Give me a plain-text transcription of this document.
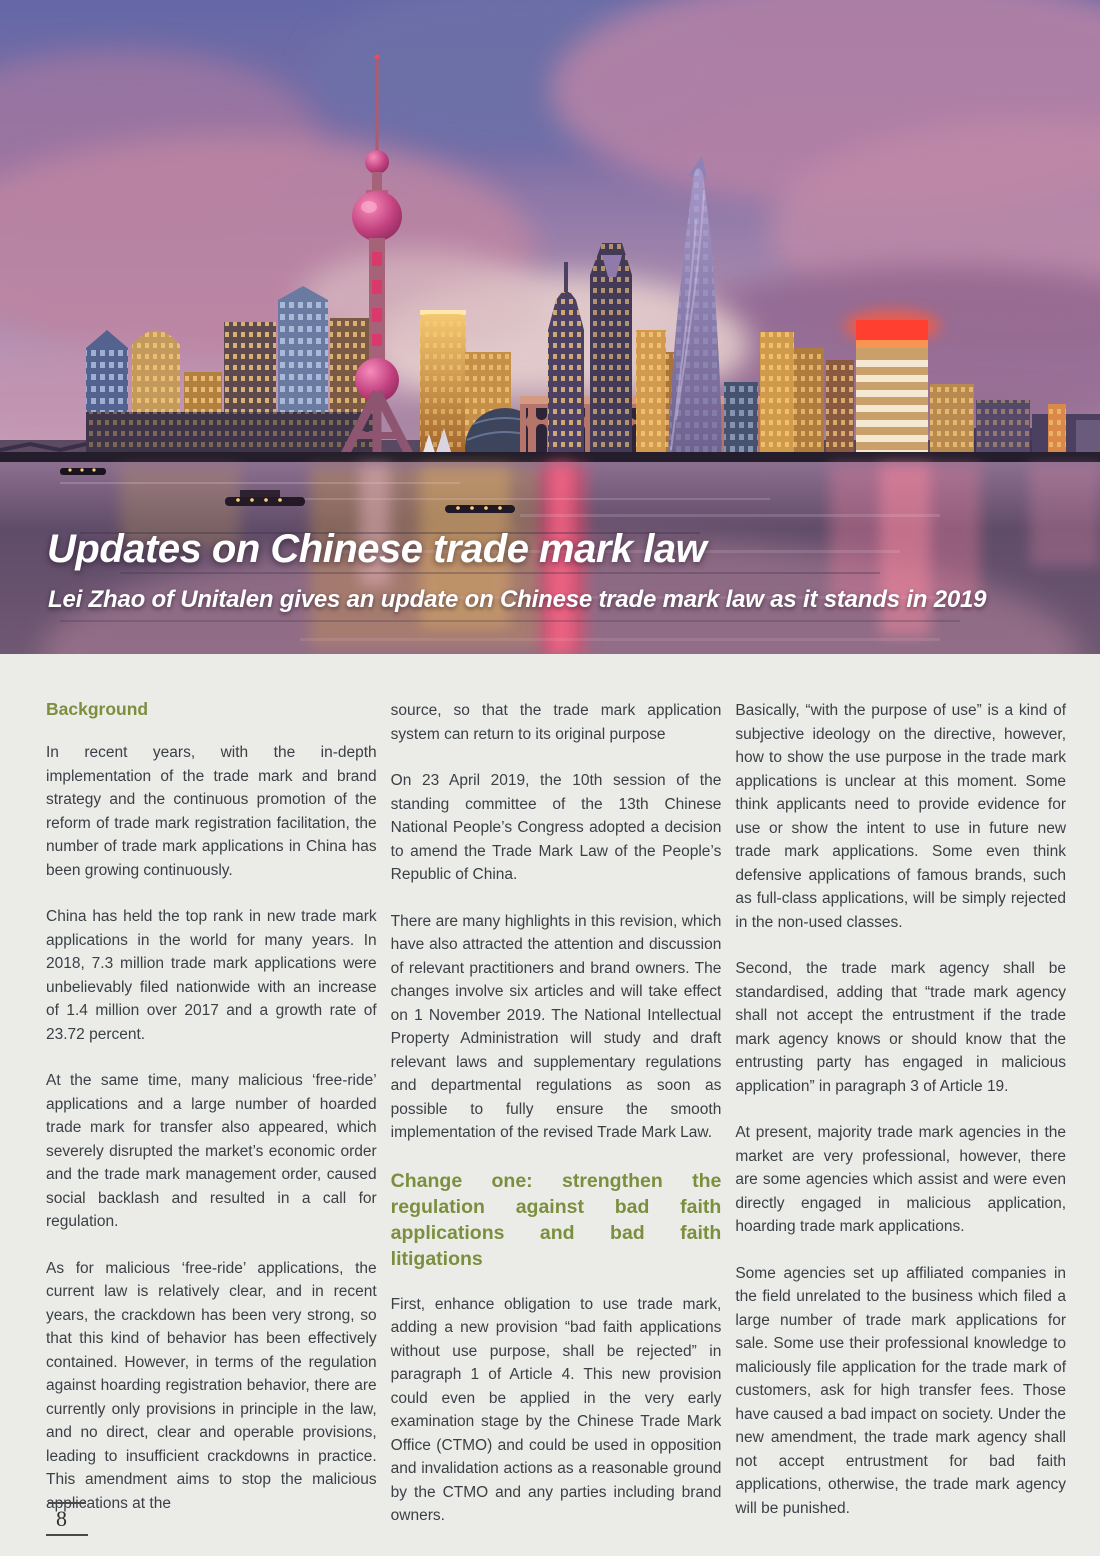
Updates on Chinese trade mark law
Lei Zhao of Unitalen gives an update on Chinese trade mark law as it stands in 2019
Background

In recent years, with the in-depth implementation of the trade mark and brand strategy and the continuous promotion of the reform of trade mark registration facilitation, the number of trade mark applications in China has been growing continuously.

China has held the top rank in new trade mark applications in the world for many years. In 2018, 7.3 million trade mark applications were unbelievably filed nationwide with an increase of 1.4 million over 2017 and a growth rate of 23.72 percent.

At the same time, many malicious ‘free-ride’ applications and a large number of hoarded trade mark for transfer also appeared, which severely disrupted the market’s economic order and the trade mark management order, caused social backlash and resulted in a call for regulation.

As for malicious ‘free-ride’ applications, the current law is relatively clear, and in recent years, the crackdown has been very strong, so that this kind of behavior has been effectively contained. However, in terms of the regulation against hoarding registration behavior, there are currently only provisions in principle in the law, and no direct, clear and operable provisions, leading to insufficient crackdowns in practice. This amendment aims to stop the malicious applications at the

source, so that the trade mark application system can return to its original purpose

On 23 April 2019, the 10th session of the standing committee of the 13th Chinese National People’s Congress adopted a decision to amend the Trade Mark Law of the People’s Republic of China.

There are many highlights in this revision, which have also attracted the attention and discussion of relevant practitioners and brand owners. The changes involve six articles and will take effect on 1 November 2019. The National Intellectual Property Administration will study and draft relevant laws and supplementary regulations and departmental regulations as soon as possible to fully ensure the smooth implementation of the revised Trade Mark Law.

Change one: strengthen the regulation against bad faith applications and bad faith litigations

First, enhance obligation to use trade mark, adding a new provision “bad faith applications without use purpose, shall be rejected” in paragraph 1 of Article 4. This new provision could even be applied in the very early examination stage by the Chinese Trade Mark Office (CTMO) and could be used in opposition and invalidation actions as a reasonable ground by the CTMO and any parties including brand owners.

Basically, “with the purpose of use” is a kind of subjective ideology on the directive, however, how to show the use purpose in the trade mark applications is unclear at this moment. Some think applicants need to provide evidence for use or show the intent to use in future new trade mark applications. Some even think defensive applications of famous brands, such as full-class applications, will be simply rejected in the non-used classes.

Second, the trade mark agency shall be standardised, adding that “trade mark agency shall not accept the entrustment if the trade mark agency knows or should know that the entrusting party has engaged in malicious application” in paragraph 3 of Article 19.

At present, majority trade mark agencies in the market are very professional, however, there are some agencies which assist and were even directly engaged in malicious application, hoarding trade mark applications.

Some agencies set up affiliated companies in the field unrelated to the business which filed a large number of trade mark applications for sale. Some use their professional knowledge to maliciously file application for the trade mark of customers, ask for high transfer fees. Those have caused a bad impact on society. Under the new amendment, the trade mark agency shall not accept entrustment for bad faith applications, otherwise, the trade mark agency will be punished.

8
